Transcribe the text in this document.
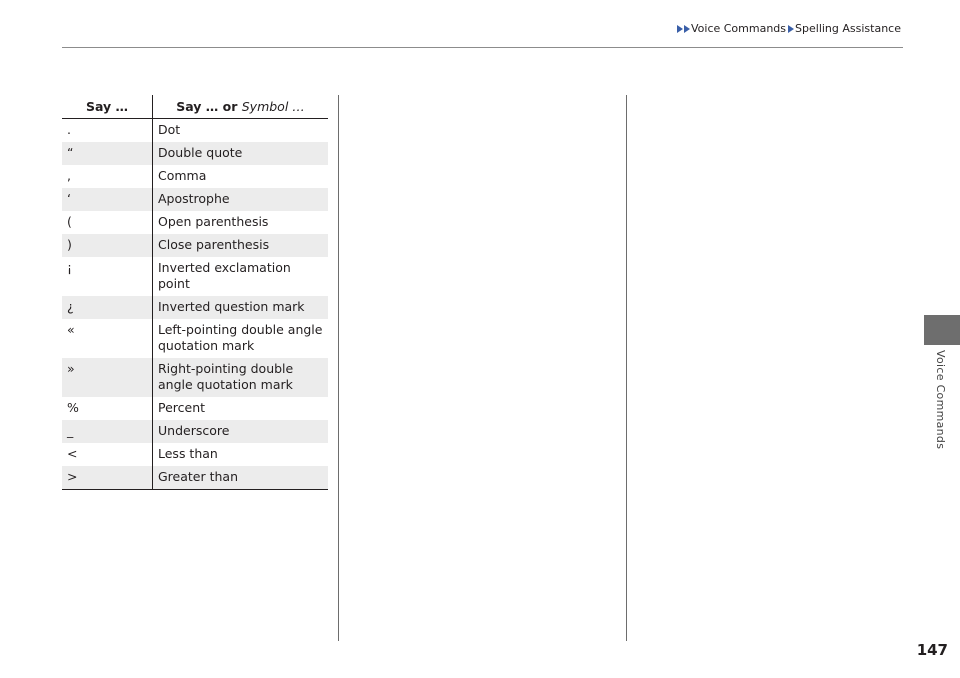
Voice Commands Spelling Assistance
Say …	Say … or Symbol …
.	Dot
“	Double quote
,	Comma
‘	Apostrophe
(	Open parenthesis
)	Close parenthesis
¡	Inverted exclamation point
¿	Inverted question mark
«	Left-pointing double angle quotation mark
»	Right-pointing double angle quotation mark
%	Percent
_	Underscore
<	Less than
>	Greater than
Voice Commands
147
